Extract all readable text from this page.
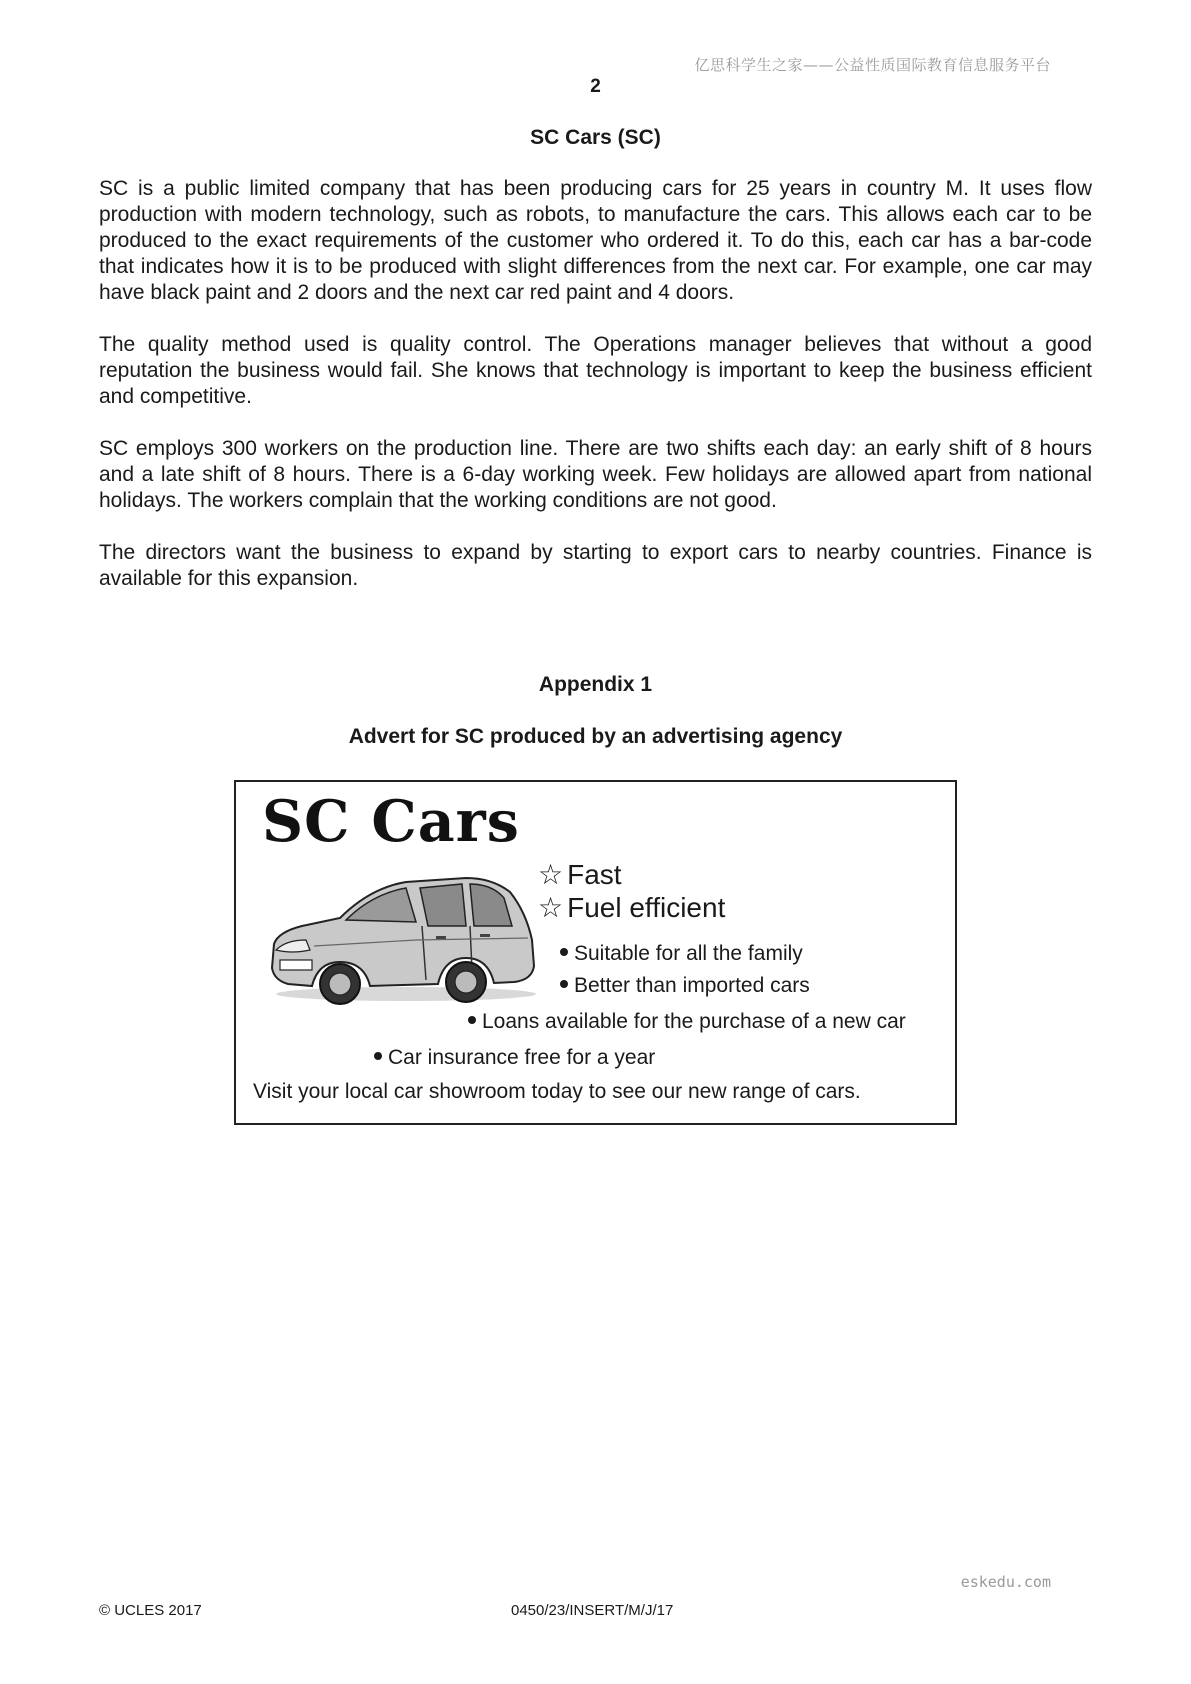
亿思科学生之家——公益性质国际教育信息服务平台
2
SC Cars (SC)

SC is a public limited company that has been producing cars for 25 years in country M. It uses flow production with modern technology, such as robots, to manufacture the cars. This allows each car to be produced to the exact requirements of the customer who ordered it. To do this, each car has a bar-code that indicates how it is to be produced with slight differences from the next car. For example, one car may have black paint and 2 doors and the next car red paint and 4 doors.

The quality method used is quality control. The Operations manager believes that without a good reputation the business would fail. She knows that technology is important to keep the business efficient and competitive.

SC employs 300 workers on the production line. There are two shifts each day: an early shift of 8 hours and a late shift of 8 hours. There is a 6-day working week. Few holidays are allowed apart from national holidays. The workers complain that the working conditions are not good.

The directors want the business to expand by starting to export cars to nearby countries. Finance is available for this expansion.

Appendix 1
Advert for SC produced by an advertising agency
SC Cars
☆ Fast
☆ Fuel efficient
Suitable for all the family
Better than imported cars
Loans available for the purchase of a new car
Car insurance free for a year
Visit your local car showroom today to see our new range of cars.
eskedu.com
© UCLES 2017	0450/23/INSERT/M/J/17
